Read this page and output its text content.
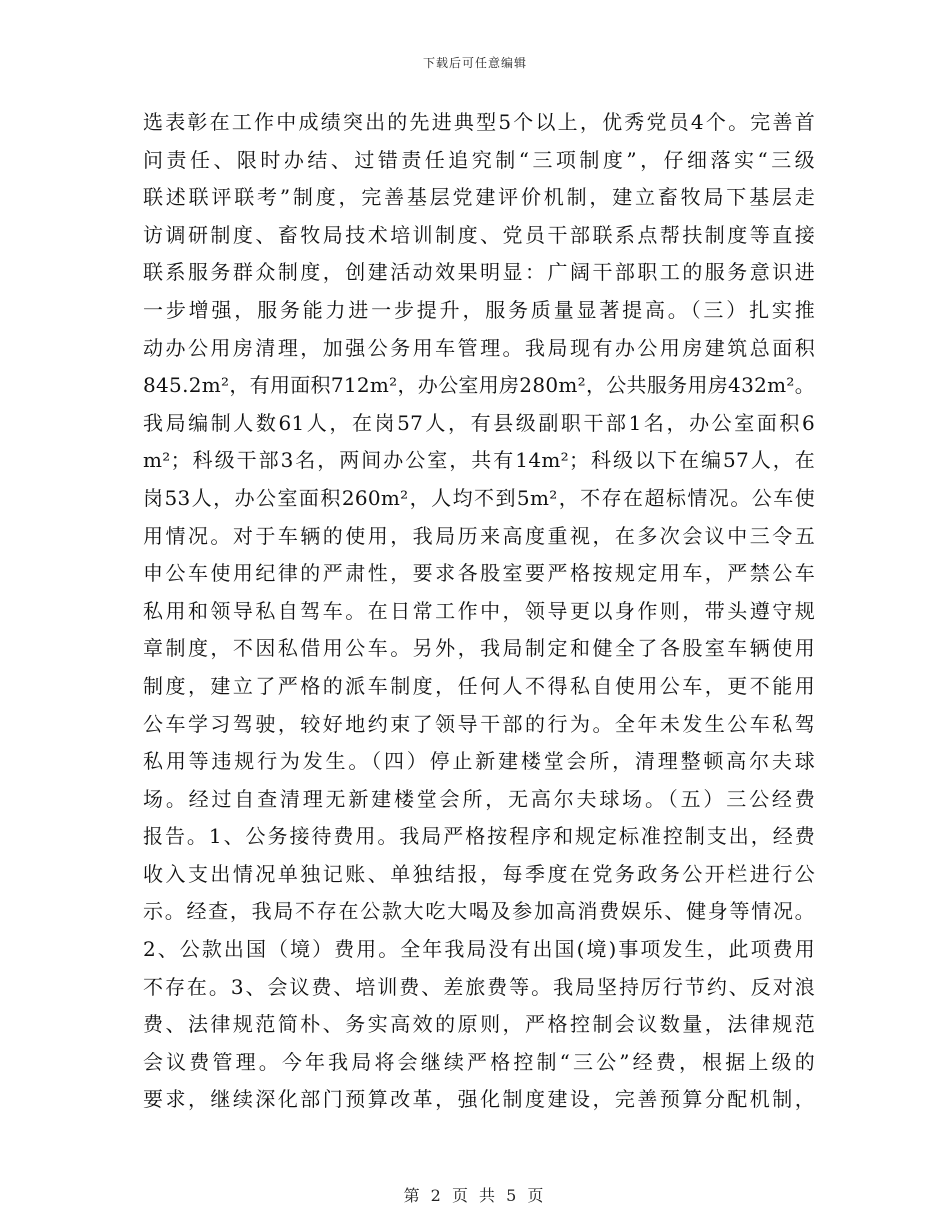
下载后可任意编辑
选表彰在工作中成绩突出的先进典型5个以上，优秀党员4个。完善首
问责任、限时办结、过错责任追究制“三项制度”，仔细落实“三级
联述联评联考”制度，完善基层党建评价机制，建立畜牧局下基层走
访调研制度、畜牧局技术培训制度、党员干部联系点帮扶制度等直接
联系服务群众制度，创建活动效果明显：广阔干部职工的服务意识进
一步增强，服务能力进一步提升，服务质量显著提高。（三）扎实推
动办公用房清理，加强公务用车管理。我局现有办公用房建筑总面积
845.2m²，有用面积712m²，办公室用房280m²，公共服务用房432m²。
我局编制人数61人，在岗57人，有县级副职干部1名，办公室面积6
m²；科级干部3名，两间办公室，共有14m²；科级以下在编57人，在
岗53人，办公室面积260m²，人均不到5m²，不存在超标情况。公车使
用情况。对于车辆的使用，我局历来高度重视，在多次会议中三令五
申公车使用纪律的严肃性，要求各股室要严格按规定用车，严禁公车
私用和领导私自驾车。在日常工作中，领导更以身作则，带头遵守规
章制度，不因私借用公车。另外，我局制定和健全了各股室车辆使用
制度，建立了严格的派车制度，任何人不得私自使用公车，更不能用
公车学习驾驶，较好地约束了领导干部的行为。全年未发生公车私驾
私用等违规行为发生。（四）停止新建楼堂会所，清理整顿高尔夫球
场。经过自查清理无新建楼堂会所，无高尔夫球场。（五）三公经费
报告。1、公务接待费用。我局严格按程序和规定标准控制支出，经费
收入支出情况单独记账、单独结报，每季度在党务政务公开栏进行公
示。经查，我局不存在公款大吃大喝及参加高消费娱乐、健身等情况。
2、公款出国（境）费用。全年我局没有出国(境)事项发生，此项费用
不存在。3、会议费、培训费、差旅费等。我局坚持厉行节约、反对浪
费、法律规范简朴、务实高效的原则，严格控制会议数量，法律规范
会议费管理。今年我局将会继续严格控制“三公”经费，根据上级的
要求，继续深化部门预算改革，强化制度建设，完善预算分配机制，
第 2 页 共 5 页
